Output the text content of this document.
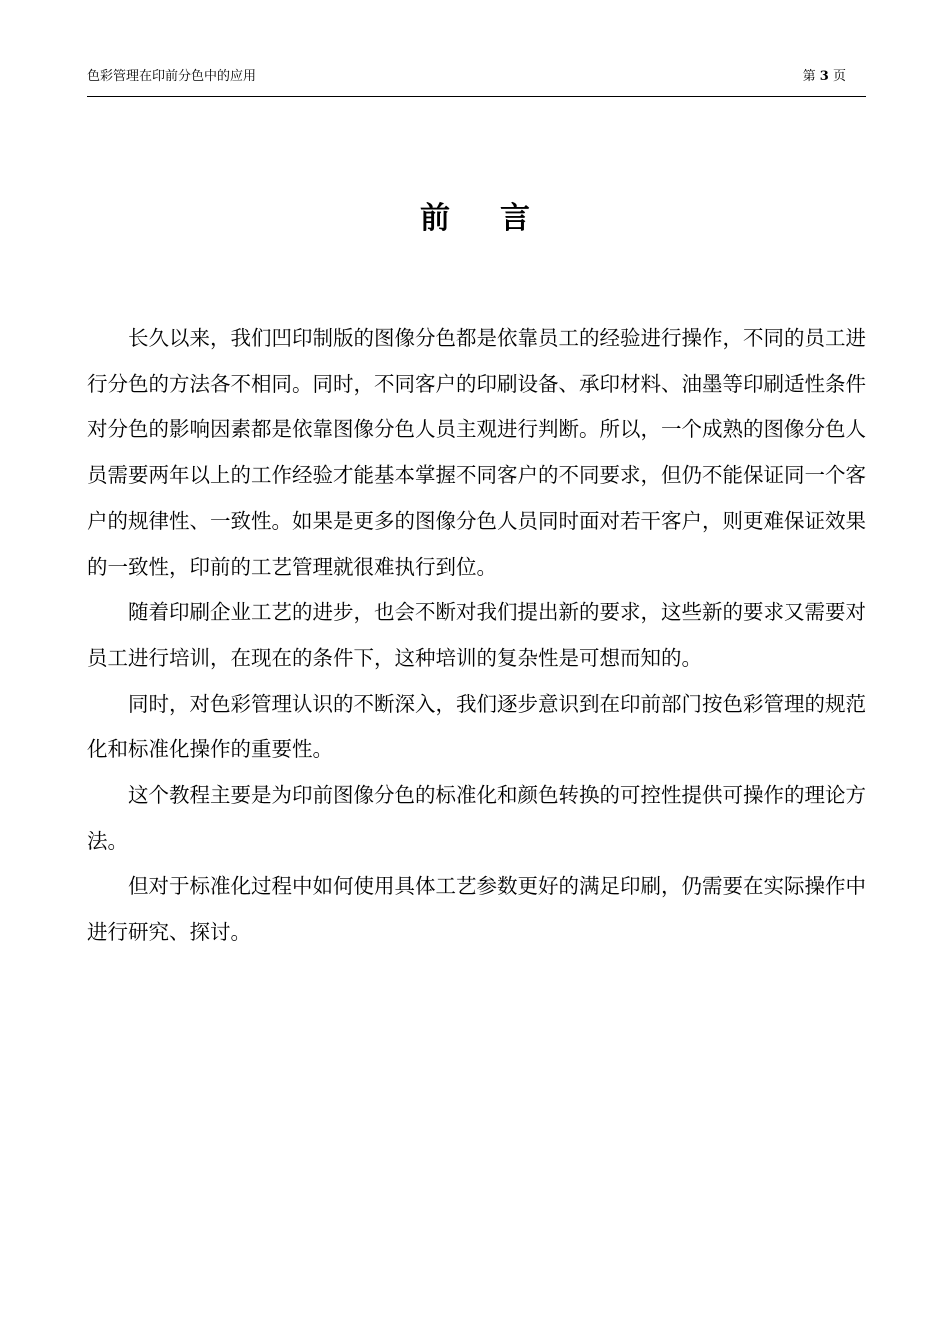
色彩管理在印前分色中的应用	第 3 页
前言

长久以来，我们凹印制版的图像分色都是依靠员工的经验进行操作，不同的员工进行分色的方法各不相同。同时，不同客户的印刷设备、承印材料、油墨等印刷适性条件对分色的影响因素都是依靠图像分色人员主观进行判断。所以，一个成熟的图像分色人员需要两年以上的工作经验才能基本掌握不同客户的不同要求，但仍不能保证同一个客户的规律性、一致性。如果是更多的图像分色人员同时面对若干客户，则更难保证效果的一致性，印前的工艺管理就很难执行到位。

随着印刷企业工艺的进步，也会不断对我们提出新的要求，这些新的要求又需要对员工进行培训，在现在的条件下，这种培训的复杂性是可想而知的。

同时，对色彩管理认识的不断深入，我们逐步意识到在印前部门按色彩管理的规范化和标准化操作的重要性。

这个教程主要是为印前图像分色的标准化和颜色转换的可控性提供可操作的理论方法。

但对于标准化过程中如何使用具体工艺参数更好的满足印刷，仍需要在实际操作中进行研究、探讨。
